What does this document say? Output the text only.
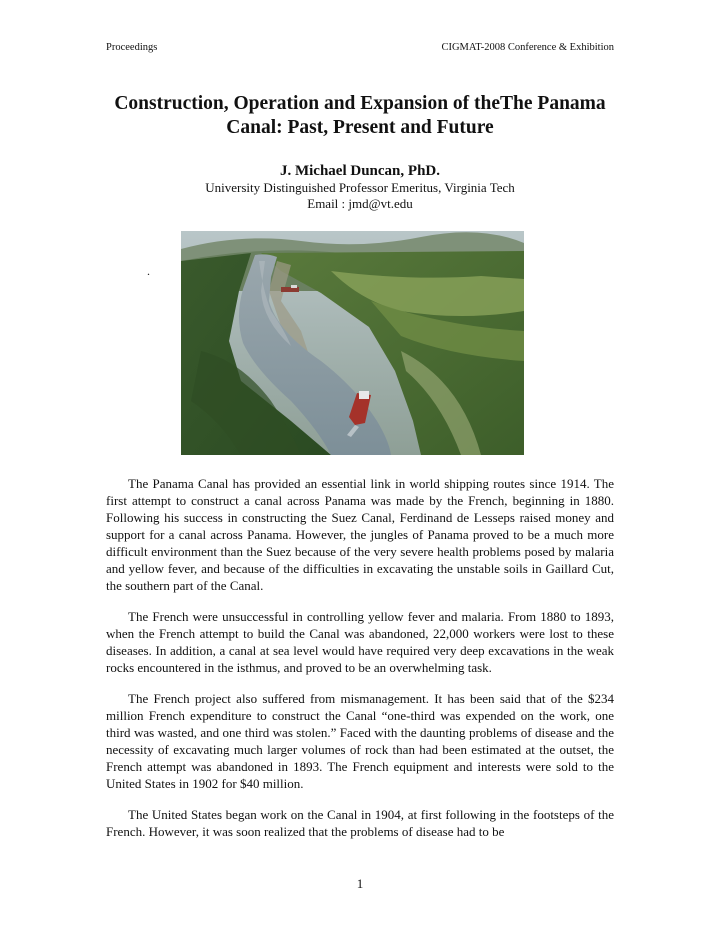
Proceedings	CIGMAT-2008 Conference & Exhibition
Construction, Operation and Expansion of theThe Panama Canal: Past, Present and Future
J. Michael Duncan, PhD.
University Distinguished Professor Emeritus, Virginia Tech
Email : jmd@vt.edu
.

The Panama Canal has provided an essential link in world shipping routes since 1914. The first attempt to construct a canal across Panama was made by the French, beginning in 1880. Following his success in constructing the Suez Canal, Ferdinand de Lesseps raised money and support for a canal across Panama. However, the jungles of Panama proved to be a much more difficult environment than the Suez because of the very severe health problems posed by malaria and yellow fever, and because of the difficulties in excavating the unstable soils in Gaillard Cut, the southern part of the Canal.

The French were unsuccessful in controlling yellow fever and malaria. From 1880 to 1893, when the French attempt to build the Canal was abandoned, 22,000 workers were lost to these diseases. In addition, a canal at sea level would have required very deep excavations in the weak rocks encountered in the isthmus, and proved to be an overwhelming task.

The French project also suffered from mismanagement. It has been said that of the $234 million French expenditure to construct the Canal “one-third was expended on the work, one third was wasted, and one third was stolen.” Faced with the daunting problems of disease and the necessity of excavating much larger volumes of rock than had been estimated at the outset, the French attempt was abandoned in 1893. The French equipment and interests were sold to the United States in 1902 for $40 million.

The United States began work on the Canal in 1904, at first following in the footsteps of the French. However, it was soon realized that the problems of disease had to be

1
